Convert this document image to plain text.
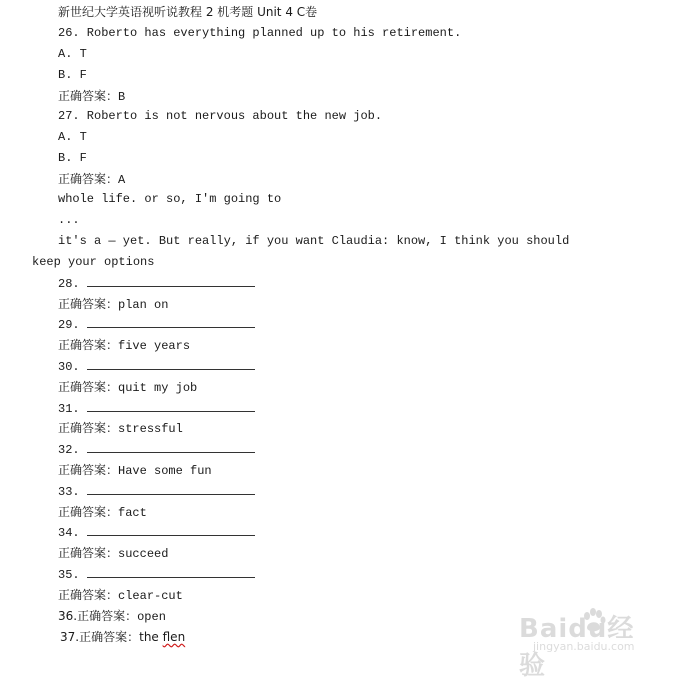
新世纪大学英语视听说教程 2 机考题 Unit 4 C卷
26. Roberto has everything planned up to his retirement.
A. T
B. F
正确答案：B
27. Roberto is not nervous about the new job.
A. T
B. F
正确答案：A
whole life. or so, I'm going to
...
it's a — yet. But really, if you want Claudia: know, I think you should
keep your options
28.
正确答案：plan on
29.
正确答案：five years
30.
正确答案：quit my job
31.
正确答案：stressful
32.
正确答案：Have some fun
33.
正确答案：fact
34.
正确答案：succeed
35.
正确答案：clear-cut
36.正确答案：open
37.正确答案：the flen	Baidu经验
jingyan.baidu.com
